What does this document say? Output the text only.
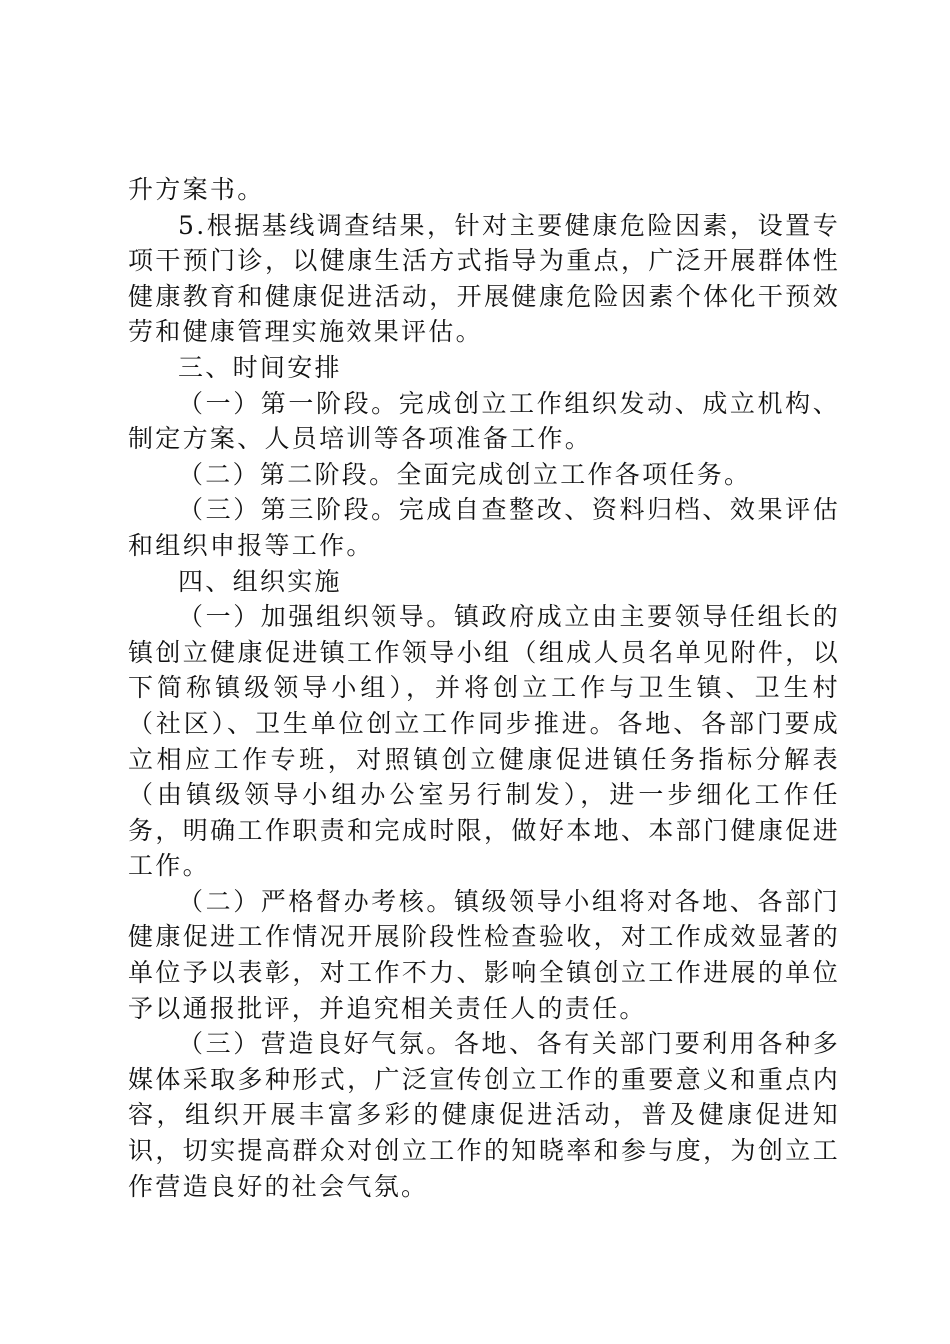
升方案书。

5.根据基线调查结果，针对主要健康危险因素，设置专项干预门诊，以健康生活方式指导为重点，广泛开展群体性健康教育和健康促进活动，开展健康危险因素个体化干预效劳和健康管理实施效果评估。

三、时间安排

（一）第一阶段。完成创立工作组织发动、成立机构、制定方案、人员培训等各项准备工作。

（二）第二阶段。全面完成创立工作各项任务。

（三）第三阶段。完成自查整改、资料归档、效果评估和组织申报等工作。

四、组织实施

（一）加强组织领导。镇政府成立由主要领导任组长的镇创立健康促进镇工作领导小组（组成人员名单见附件，以下简称镇级领导小组），并将创立工作与卫生镇、卫生村（社区）、卫生单位创立工作同步推进。各地、各部门要成立相应工作专班，对照镇创立健康促进镇任务指标分解表（由镇级领导小组办公室另行制发），进一步细化工作任务，明确工作职责和完成时限，做好本地、本部门健康促进工作。

（二）严格督办考核。镇级领导小组将对各地、各部门健康促进工作情况开展阶段性检查验收，对工作成效显著的单位予以表彰，对工作不力、影响全镇创立工作进展的单位予以通报批评，并追究相关责任人的责任。

（三）营造良好气氛。各地、各有关部门要利用各种多媒体采取多种形式，广泛宣传创立工作的重要意义和重点内容，组织开展丰富多彩的健康促进活动，普及健康促进知识，切实提高群众对创立工作的知晓率和参与度，为创立工作营造良好的社会气氛。
